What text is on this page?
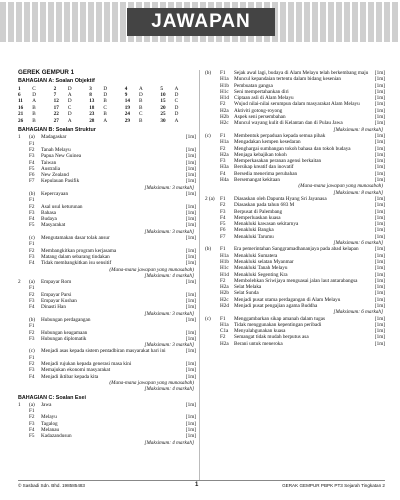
JAWAPAN
GEREK GEMPUR 1
BAHAGIAN A: Soalan Objektif
1	C	2	D	3	D	4	A	5	A
6	D	7	A	8	D	9	D	10	D
11	A	12	D	13	B	14	B	15	C
16	B	17	C	18	C	19	B	20	D
21	B	22	D	23	B	24	C	25	D
26	B	27	A	28	A	29	B	30	A
BAHAGIAN B: Soalan Struktur
1	(a) F1
Madagaskar	[1m]
F2	Tanah Melayu	[1m]
F3	Papua New Guinea	[1m]
F4	Taiwan	[1m]
F5	Australia	[1m]
F6	New Zealand	[1m]
F7	Kepulauan Pasifik	[1m]
[Maksimum: 3 markah]
(b) F1
Kepercayaan	[1m]
F2	Asal usul keturunan	[1m]
F3	Bahasa	[1m]
F4	Budaya	[1m]
F5	Masyarakat	[1m]
[Maksimum: 3 markah]
(c) F1
Mengutamakan dasar tolak ansur	[1m]
F2	Membangkitkan program kerjasama	[1m]
F3	Matang dalam sebarang tindakan	[1m]
F4	Tidak membangkitkan isu sensitif	[1m]
(Mana-mana jawapan yang munasabah)
[Maksimum: 4 markah]
2	(a) F1
Empayar Rom	[1m]
F2	Empayar Parsi	[1m]
F3	Empayar Kushan	[1m]
F4	Dinasti Han	[1m]
[Maksimum: 3 markah]
(b) F1
Hubungan perdagangan	[1m]
F2	Hubungan keagamaan	[1m]
F3	Hubungan diplomatik	[1m]
[Maksimum: 3 markah]
(c) F1
Menjadi asas kepada sistem pentadbiran masyarakat hari ini	[1m]
F2	Menjadi rujukan kepada generasi masa kini	[1m]
F3	Memajukan ekonomi masyarakat	[1m]
F4	Menjadi iktibar kepada kita	[1m]
(Mana-mana jawapan yang munasabah)
[Maksimum: 4 markah]
BAHAGIAN C: Soalan Esei
1	(a) F1
Jawa	[1m]
F2	Melayu	[1m]
F3	Tagalog	[1m]
F4	Melanau	[1m]
F5	Kadazandusun	[1m]
[Maksimum: 4 markah]
(b)	F1	Sejak awal lagi, budaya di Alam Melayu telah berkembang maju	[1m]
H1a	Muncul kepandaian tertentu dalam bidang kesenian	[1m]
H1b Pembuatan gangsa	[1m]
H1c	Seni mempertahankan diri	[1m]
H1d Ciptaan asli di Alam Melayu	[1m]
F2	Wujud nilai-nilai serumpun dalam masyarakat Alam Melayu	[1m]
H2a	Aktiviti gotong-royong	[1m]
H2b Aspek seni persembahan	[1m]
H2c	Muncul wayang kulit di Kelantan dan di Pulau Jawa	[1m]
[Maksimum: 8 markah]
(c)	F1	Membentuk perpaduan kepada semua pihak	[1m]
H1a	Mengadakan kempen kesedaran	[1m]
F2	Menghargai sumbangan tokoh bahasa dan tokoh budaya	[1m]
H2a	Menjaga kebajikan tokoh	[1m]
F3	Memperkasakan peranan agensi berkaitan	[1m]
H3a	Bersikap kreatif dan inovatif	[1m]
F4	Bersedia menerima perubahan	[1m]
H4a	Bersemangat kekitaan	[1m]
(Mana-mana jawapan yang munasabah)
[Maksimum: 8 markah]
2 (a)	F1	Diasaskan oleh Dapunta Hyang Sri Jayanasa	[1m]
F2	Diasaskan pada tahun 683 M	[1m]
F3	Berpusat di Palembang	[1m]
F4	Memperluaskan kuasa	[1m]
F5	Menakluki kawasan sekitarnya	[1m]
F6	Menakluki Bangka	[1m]
F7	Menakluki Tarumu	[1m]
[Maksimum: 6 markah]
(b)	F1	Era pemerintahan Sanggramadhananjaya pada abad kelapan	[1m]
H1a	Menakluki Sumatera	[1m]
H1b Menakluki selatan Myanmar	[1m]
H1c	Menakluki Tanah Melayu	[1m]
H1d Menakluki Segenting Kra	[1m]
F2	Membolehkan Sriwijaya menguasai jalan laut antarabangsa	[1m]
H2a	Selat Melaka	[1m]
H2b Selat Sunda	[1m]
H2c	Menjadi pusat utama perdagangan di Alam Melayu	[1m]
H2d Menjadi pusat pengajian agama Buddha	[1m]
[Maksimum: 6 markah]
(c)	F1	Menggambarkan sikap amanah dalam tugas	[1m]
H1a	Tidak menggunakan kepentingan peribadi	[1m]
C1a	Menyalahgunakan kuasa	[1m]
F2	Semangat tidak mudah berputus asa	[1m]
H2a	Berani untuk meneroka	[1m]
© Sasbadi Sdn. Bhd. 198585483	1	GERAK GEMPUR PBPK PT3 Sejarah Tingkatan 2
